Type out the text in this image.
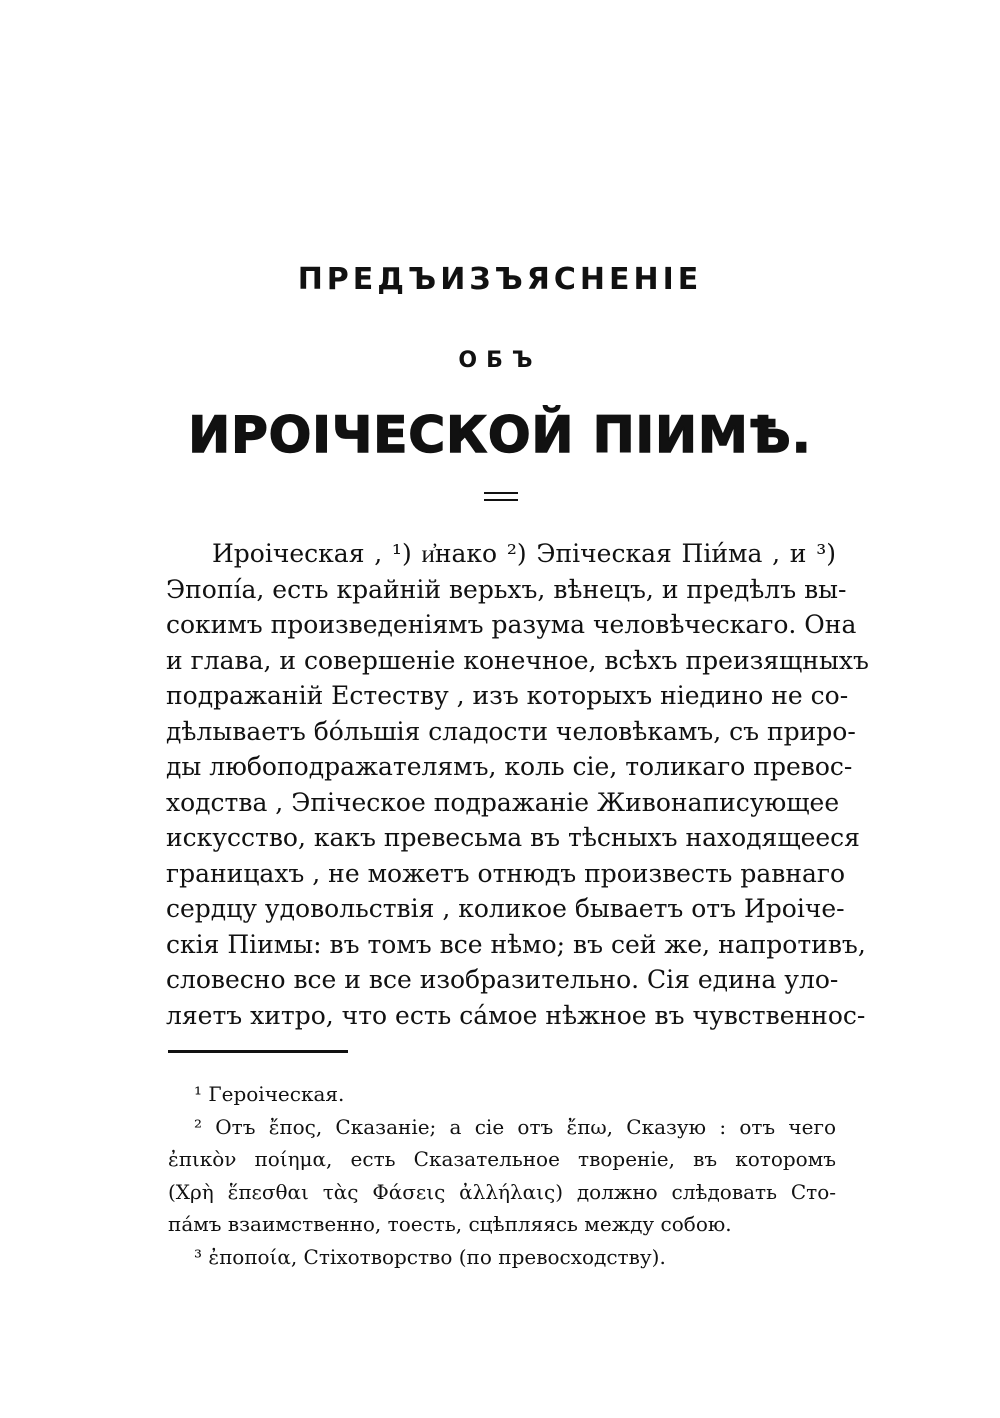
ПРЕДЪИЗЪЯСНЕНІЕ
ОБЪ
ИРОІЧЕСКОЙ ПІИМѢ.
Ироіческая , ¹) и҆нако ²) Эпіческая Піи́ма , и ³)
Эпопі́а, есть крайній верьхъ, вѣнецъ, и предѣлъ вы-
сокимъ произведеніямъ разума человѣческаго. Она
и глава, и совершеніе конечное, всѣхъ преизящныхъ
подражаній Естеству , изъ которыхъ ніедино не со-
дѣлываетъ бо́льшія сладости человѣкамъ, съ приро-
ды любоподражателямъ, коль сіе, толикаго превос-
ходства , Эпіческое подражаніе Живонаписующее
искусство, какъ превесьма въ тѣсныхъ находящееся
границахъ , не можетъ отнюдъ произвесть равнаго
сердцу удовольствія , коликое бываетъ отъ Ироіче-
скія Піимы: въ томъ все нѣмо; въ сей же, напротивъ,
словесно все и все изобразительно. Сія едина уло-
ляетъ хитро, что есть са́мое нѣжное въ чувственнос-
¹ Героіческая.
² Отъ ἔπος, Сказаніе; а сіе отъ ἔπω, Сказую : отъ чего
ἐπικὸν ποίημα, есть Сказательное твореніе, въ которомъ
(Χρὴ ἕπεσθαι τὰς Φάσεις ἀλλήλαις) должно слѣдовать Сто-
па́мъ взаимственно, тоесть, сцѣпляясь между собою.
³ ἐποποία, Стіхотворство (по превосходству).
